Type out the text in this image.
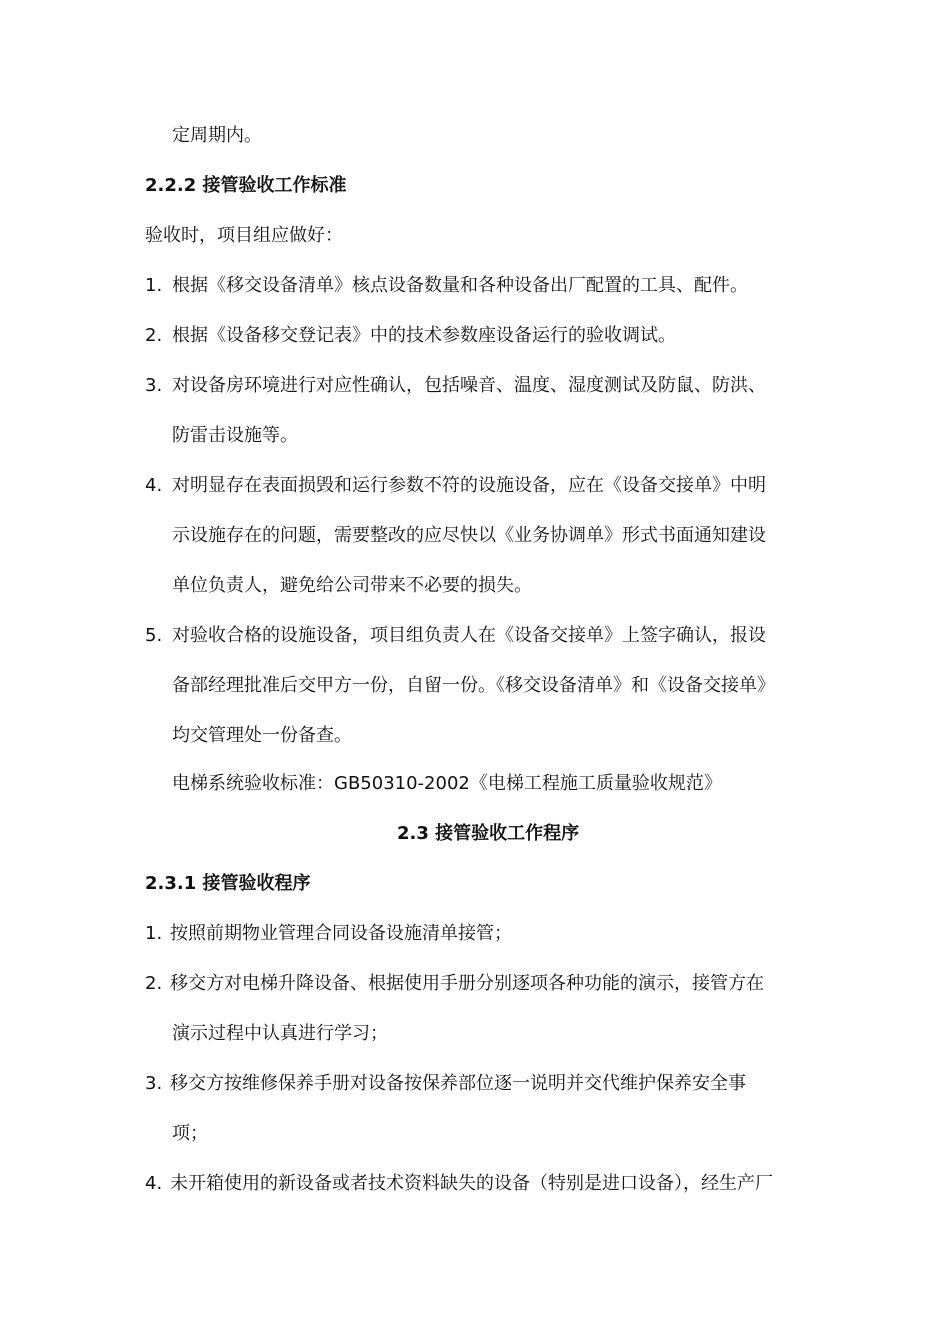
定周期内。
2.2.2 接管验收工作标准
验收时，项目组应做好：
1. 根据《移交设备清单》核点设备数量和各种设备出厂配置的工具、配件。
2. 根据《设备移交登记表》中的技术参数座设备运行的验收调试。
3. 对设备房环境进行对应性确认，包括噪音、温度、湿度测试及防鼠、防洪、
防雷击设施等。
4. 对明显存在表面损毁和运行参数不符的设施设备，应在《设备交接单》中明
示设施存在的问题，需要整改的应尽快以《业务协调单》形式书面通知建设
单位负责人，避免给公司带来不必要的损失。
5. 对验收合格的设施设备，项目组负责人在《设备交接单》上签字确认，报设
备部经理批准后交甲方一份，自留一份。《移交设备清单》和《设备交接单》
均交管理处一份备查。
电梯系统验收标准：GB50310-2002《电梯工程施工质量验收规范》
2.3 接管验收工作程序
2.3.1 接管验收程序
1. 按照前期物业管理合同设备设施清单接管；
2. 移交方对电梯升降设备、根据使用手册分别逐项各种功能的演示，接管方在
演示过程中认真进行学习；
3. 移交方按维修保养手册对设备按保养部位逐一说明并交代维护保养安全事
项；
4. 未开箱使用的新设备或者技术资料缺失的设备（特别是进口设备），经生产厂
